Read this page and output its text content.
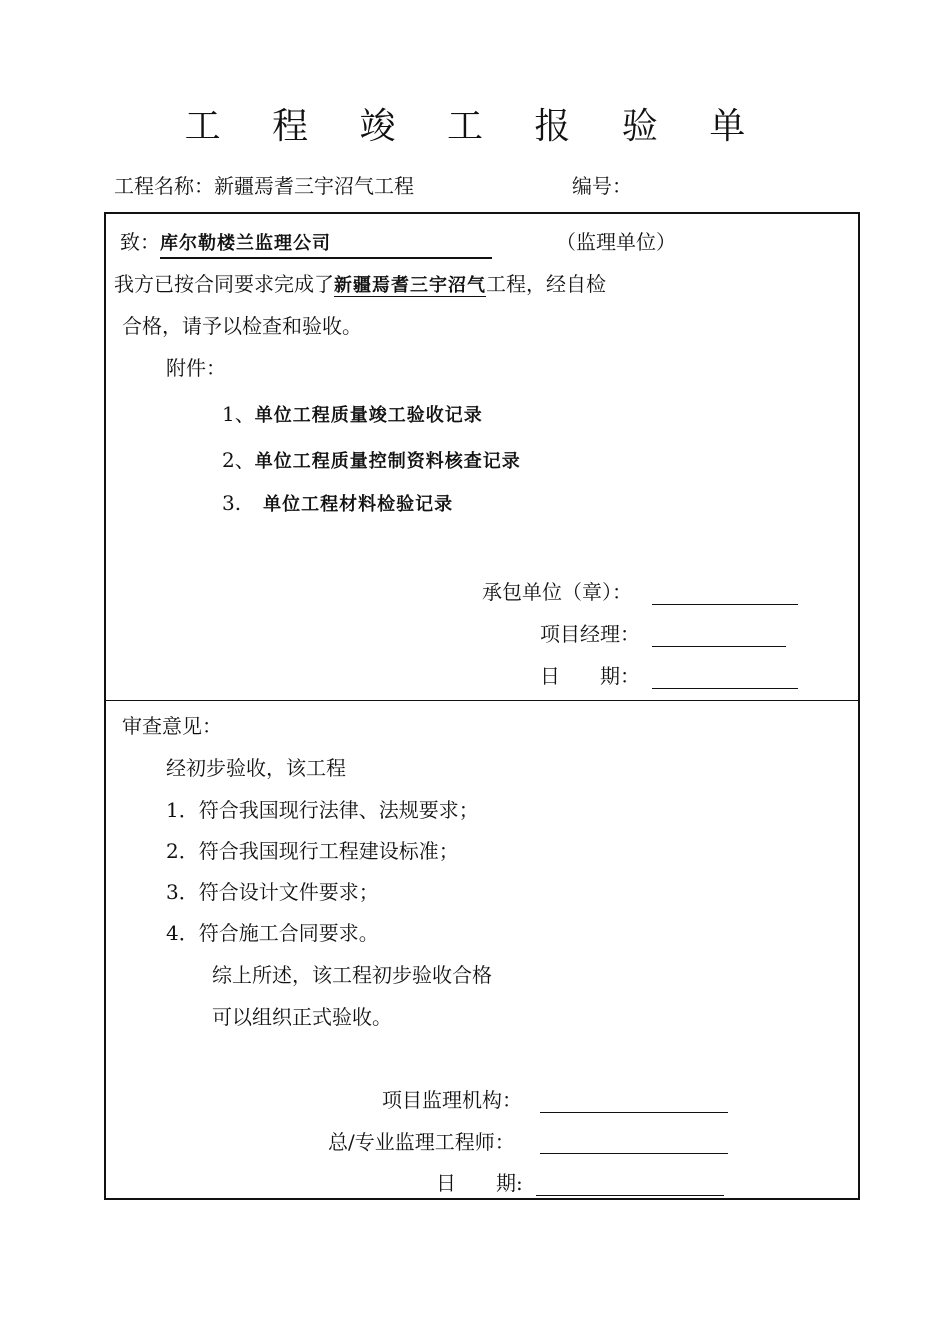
工 程 竣 工 报 验 单
工程名称：新疆焉耆三宇沼气工程	编号：
致：库尔勒楼兰监理公司	（监理单位）
我方已按合同要求完成了新疆焉耆三宇沼气工程，经自检
合格，请予以检查和验收。
附件：
1、单位工程质量竣工验收记录
2、单位工程质量控制资料核查记录
3. 单位工程材料检验记录
承包单位（章）：
项目经理：
日　　期：
审查意见：
经初步验收，该工程
1．符合我国现行法律、法规要求；
2．符合我国现行工程建设标准；
3．符合设计文件要求；
4．符合施工合同要求。
综上所述，该工程初步验收合格
可以组织正式验收。
项目监理机构：
总/专业监理工程师：
日　　期:
